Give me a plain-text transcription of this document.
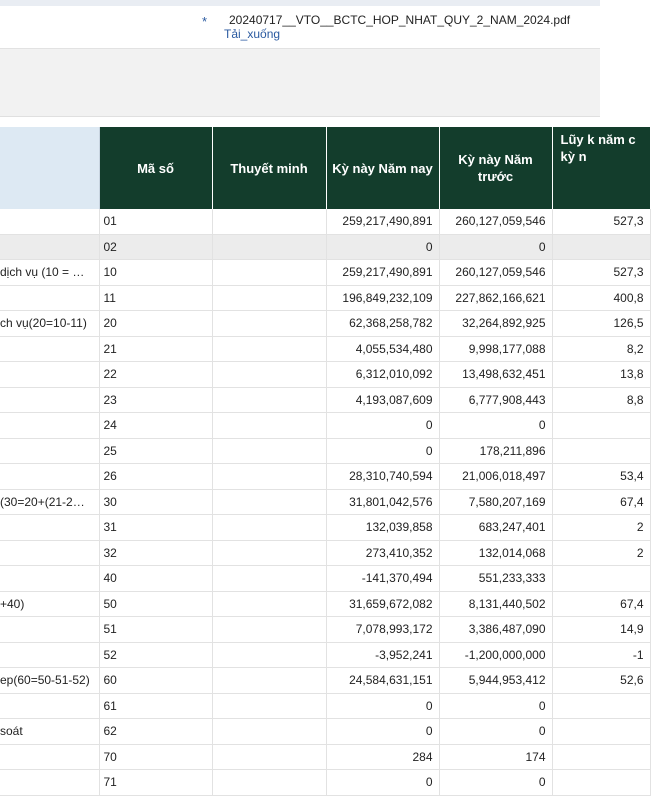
* 20240717__VTO__BCTC_HOP_NHAT_QUY_2_NAM_2024.pdf
Tải_xuống
	Mã số	Thuyết minh	Kỳ này Năm nay	Kỳ này Năm trước	Lũy k năm c kỳ n
	01		259,217,490,891	260,127,059,546	527,3
	02		0	0	
dịch vụ (10 = …	10		259,217,490,891	260,127,059,546	527,3
	11		196,849,232,109	227,862,166,621	400,8
ch vụ(20=10-11)	20		62,368,258,782	32,264,892,925	126,5
	21		4,055,534,480	9,998,177,088	8,2
	22		6,312,010,092	13,498,632,451	13,8
	23		4,193,087,609	6,777,908,443	8,8
	24		0	0	
	25		0	178,211,896	
	26		28,310,740,594	21,006,018,497	53,4
(30=20+(21-2…	30		31,801,042,576	7,580,207,169	67,4
	31		132,039,858	683,247,401	2
	32		273,410,352	132,014,068	2
	40		-141,370,494	551,233,333	
+40)	50		31,659,672,082	8,131,440,502	67,4
	51		7,078,993,172	3,386,487,090	14,9
	52		-3,952,241	-1,200,000,000	-1
ep(60=50-51-52)	60		24,584,631,151	5,944,953,412	52,6
	61		0	0	
soát	62		0	0	
	70		284	174	
	71		0	0	
